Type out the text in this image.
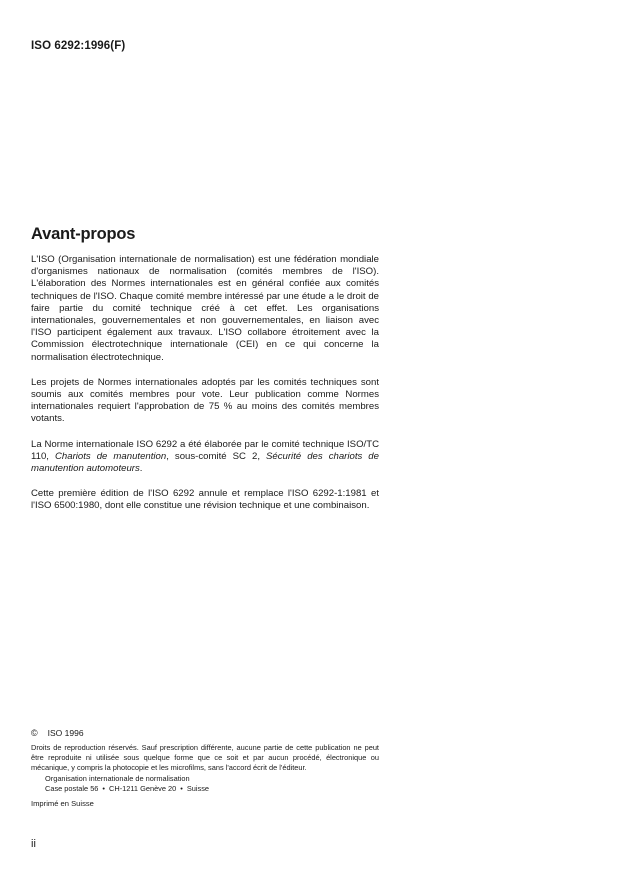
ISO 6292:1996(F)
Avant-propos

L'ISO (Organisation internationale de normalisation) est une fédération mondiale d'organismes nationaux de normalisation (comités membres de l'ISO). L'élaboration des Normes internationales est en général confiée aux comités techniques de l'ISO. Chaque comité membre intéressé par une étude a le droit de faire partie du comité technique créé à cet effet. Les organisations internationales, gouvernementales et non gouvernementales, en liaison avec l'ISO participent également aux travaux. L'ISO collabore étroitement avec la Commission électrotechnique internationale (CEI) en ce qui concerne la normalisation électrotechnique.

Les projets de Normes internationales adoptés par les comités techniques sont soumis aux comités membres pour vote. Leur publication comme Normes internationales requiert l'approbation de 75 % au moins des comités membres votants.

La Norme internationale ISO 6292 a été élaborée par le comité technique ISO/TC 110, Chariots de manutention, sous-comité SC 2, Sécurité des chariots de manutention automoteurs.

Cette première édition de l'ISO 6292 annule et remplace l'ISO 6292-1:1981 et l'ISO 6500:1980, dont elle constitue une révision technique et une combinaison.

© ISO 1996

Droits de reproduction réservés. Sauf prescription différente, aucune partie de cette publication ne peut être reproduite ni utilisée sous quelque forme que ce soit et par aucun procédé, électronique ou mécanique, y compris la photocopie et les microfilms, sans l'accord écrit de l'éditeur.

Organisation internationale de normalisation
Case postale 56 • CH-1211 Genève 20 • Suisse
Imprimé en Suisse
ii
